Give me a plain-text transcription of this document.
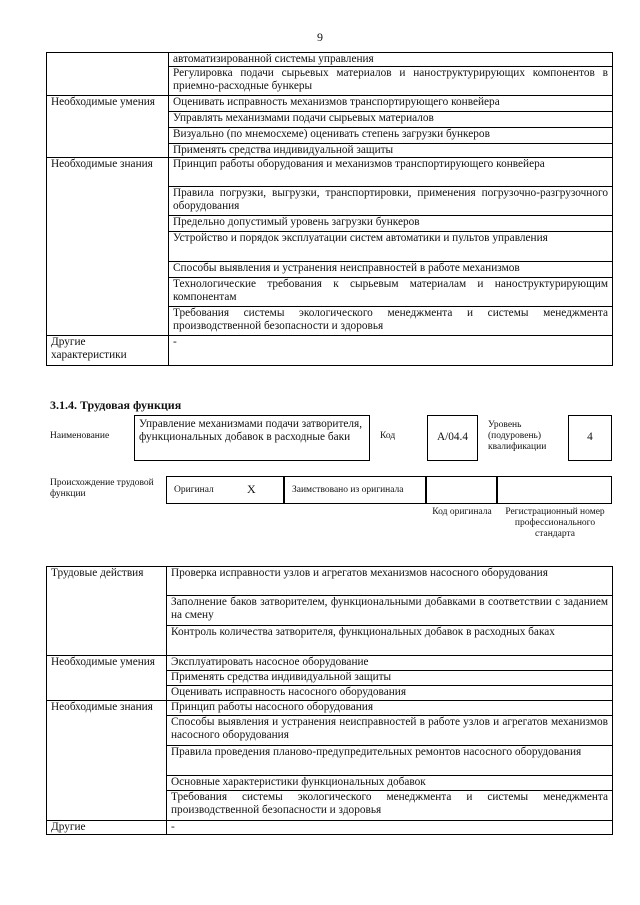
9
	автоматизированной системы управления
	Регулировка подачи сырьевых материалов и наноструктурирующих компонентов в приемно-расходные бункеры
Необходимые умения	Оценивать исправность механизмов транспортирующего конвейера
	Управлять механизмами подачи сырьевых материалов
	Визуально (по мнемосхеме) оценивать степень загрузки бункеров
	Применять средства индивидуальной защиты
Необходимые знания	Принцип работы оборудования и механизмов транспортирующего конвейера
	Правила погрузки, выгрузки, транспортировки, применения погрузочно-разгрузочного оборудования
	Предельно допустимый уровень загрузки бункеров
	Устройство и порядок эксплуатации систем автоматики и пультов управления
	Способы выявления и устранения неисправностей в работе механизмов
	Технологические требования к сырьевым материалам и наноструктурирующим компонентам
	Требования системы экологического менеджмента и системы менеджмента производственной безопасности и здоровья
Другие характеристики	-
3.1.4. Трудовая функция
Наименование
Управление механизмами подачи затворителя, функциональных добавок в расходные баки	Код	A/04.4
Уровень (подуровень) квалификации
4
Происхождение трудовой функции	Оригинал	X	Заимствовано из оригинала
Код оригинала Регистрационный номер профессионального стандарта
Трудовые действия	Проверка исправности узлов и агрегатов механизмов насосного оборудования
	Заполнение баков затворителем, функциональными добавками в соответствии с заданием на смену
	Контроль количества затворителя, функциональных добавок в расходных баках
Необходимые умения	Эксплуатировать насосное оборудование
	Применять средства индивидуальной защиты
	Оценивать исправность насосного оборудования
Необходимые знания	Принцип работы насосного оборудования
	Способы выявления и устранения неисправностей в работе узлов и агрегатов механизмов насосного оборудования
	Правила проведения планово-предупредительных ремонтов насосного оборудования
	Основные характеристики функциональных добавок
	Требования системы экологического менеджмента и системы менеджмента производственной безопасности и здоровья
Другие	-
